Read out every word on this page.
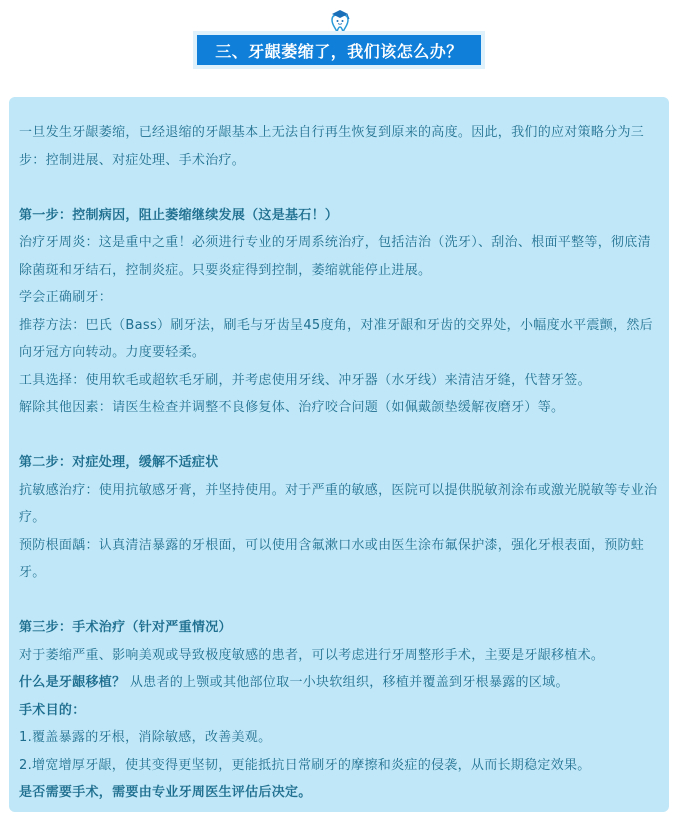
三、牙龈萎缩了，我们该怎么办？

一旦发生牙龈萎缩，已经退缩的牙龈基本上无法自行再生恢复到原来的高度。因此，我们的应对策略分为三步：控制进展、对症处理、手术治疗。

第一步：控制病因，阻止萎缩继续发展（这是基石！）

治疗牙周炎：这是重中之重！必须进行专业的牙周系统治疗，包括洁治（洗牙）、刮治、根面平整等，彻底清除菌斑和牙结石，控制炎症。只要炎症得到控制，萎缩就能停止进展。

学会正确刷牙：

推荐方法：巴氏（Bass）刷牙法，刷毛与牙齿呈45度角，对准牙龈和牙齿的交界处，小幅度水平震颤，然后向牙冠方向转动。力度要轻柔。

工具选择：使用软毛或超软毛牙刷，并考虑使用牙线、冲牙器（水牙线）来清洁牙缝，代替牙签。

解除其他因素：请医生检查并调整不良修复体、治疗咬合问题（如佩戴颌垫缓解夜磨牙）等。

第二步：对症处理，缓解不适症状

抗敏感治疗：使用抗敏感牙膏，并坚持使用。对于严重的敏感，医院可以提供脱敏剂涂布或激光脱敏等专业治疗。

预防根面龋：认真清洁暴露的牙根面，可以使用含氟漱口水或由医生涂布氟保护漆，强化牙根表面，预防蛀牙。

第三步：手术治疗（针对严重情况）

对于萎缩严重、影响美观或导致极度敏感的患者，可以考虑进行牙周整形手术，主要是牙龈移植术。

什么是牙龈移植？ 从患者的上颚或其他部位取一小块软组织，移植并覆盖到牙根暴露的区域。

手术目的：

1.覆盖暴露的牙根，消除敏感，改善美观。

2.增宽增厚牙龈，使其变得更坚韧，更能抵抗日常刷牙的摩擦和炎症的侵袭，从而长期稳定效果。

是否需要手术，需要由专业牙周医生评估后决定。
